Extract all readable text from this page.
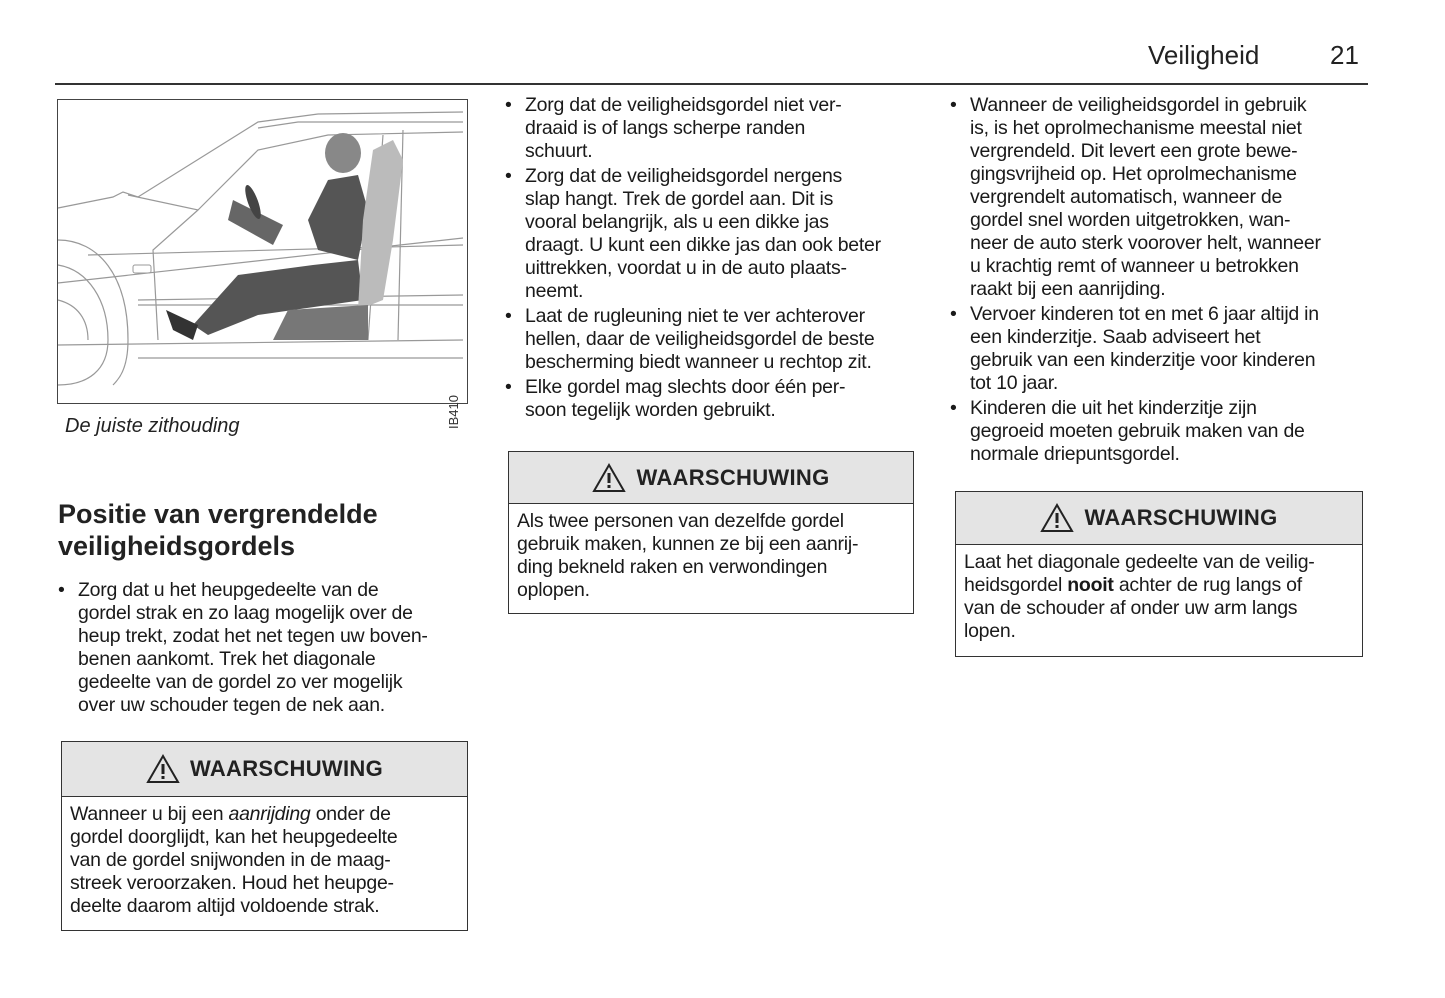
Veiligheid	21
IB410
De juiste zithouding
Positie van vergrendelde
veiligheidsgordels
• Zorg dat u het heupgedeelte van de
gordel strak en zo laag mogelijk over de
heup trekt, zodat het net tegen uw boven-
benen aankomt. Trek het diagonale
gedeelte van de gordel zo ver mogelijk
over uw schouder tegen de nek aan.
WAARSCHUWING
Wanneer u bij een aanrijding onder de
gordel doorglijdt, kan het heupgedeelte
van de gordel snijwonden in de maag-
streek veroorzaken. Houd het heupge-
deelte daarom altijd voldoende strak.
• Zorg dat de veiligheidsgordel niet ver-
draaid is of langs scherpe randen
schuurt.
• Zorg dat de veiligheidsgordel nergens
slap hangt. Trek de gordel aan. Dit is
vooral belangrijk, als u een dikke jas
draagt. U kunt een dikke jas dan ook beter
uittrekken, voordat u in de auto plaats-
neemt.
• Laat de rugleuning niet te ver achterover
hellen, daar de veiligheidsgordel de beste
bescherming biedt wanneer u rechtop zit.
• Elke gordel mag slechts door één per-
soon tegelijk worden gebruikt.
WAARSCHUWING
Als twee personen van dezelfde gordel
gebruik maken, kunnen ze bij een aanrij-
ding bekneld raken en verwondingen
oplopen.
• Wanneer de veiligheidsgordel in gebruik
is, is het oprolmechanisme meestal niet
vergrendeld. Dit levert een grote bewe-
gingsvrijheid op. Het oprolmechanisme
vergrendelt automatisch, wanneer de
gordel snel worden uitgetrokken, wan-
neer de auto sterk voorover helt, wanneer
u krachtig remt of wanneer u betrokken
raakt bij een aanrijding.
• Vervoer kinderen tot en met 6 jaar altijd in
een kinderzitje. Saab adviseert het
gebruik van een kinderzitje voor kinderen
tot 10 jaar.
• Kinderen die uit het kinderzitje zijn
gegroeid moeten gebruik maken van de
normale driepuntsgordel.
WAARSCHUWING
Laat het diagonale gedeelte van de veilig-
heidsgordel nooit achter de rug langs of
van de schouder af onder uw arm langs
lopen.
